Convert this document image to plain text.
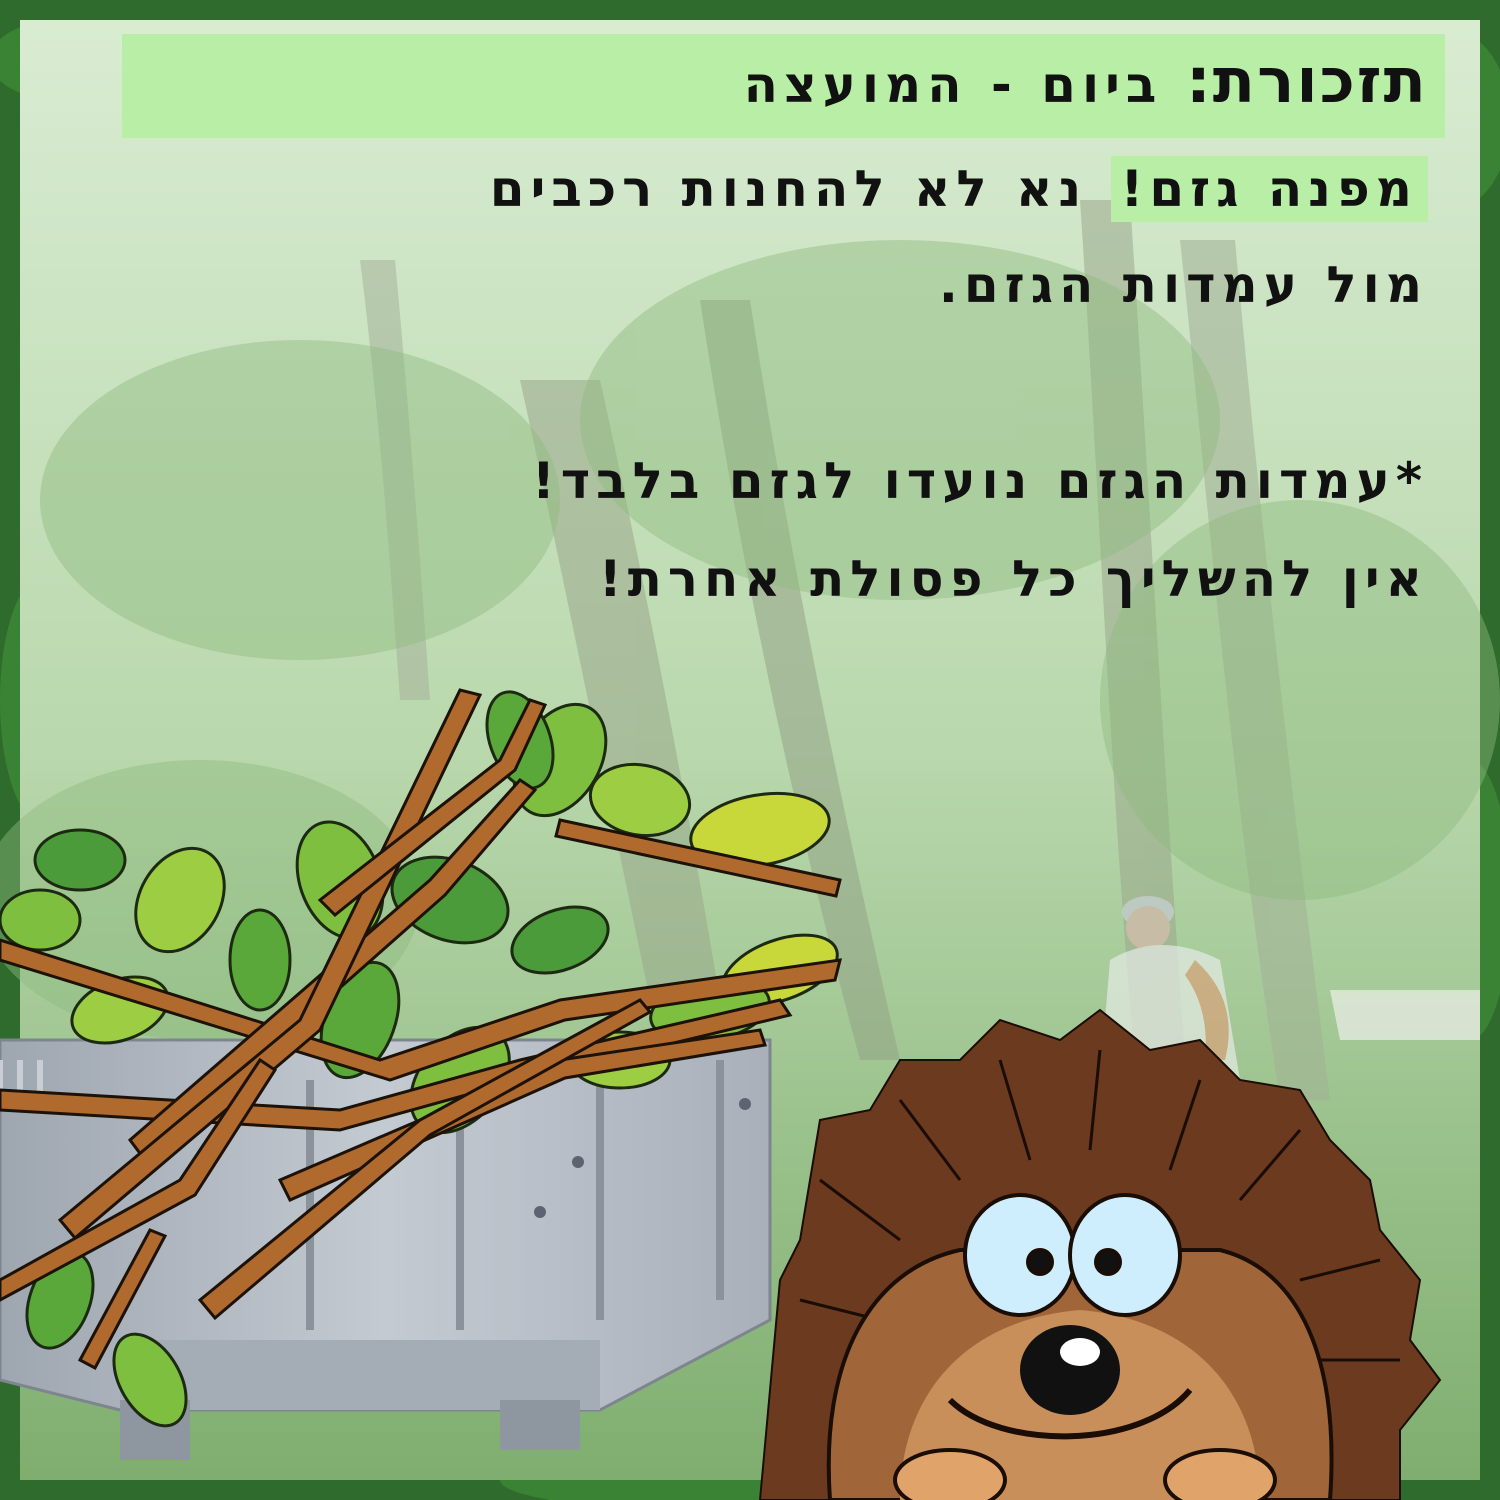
תזכורת: ביום - המועצה
מפנה גזם! נא לא להחנות רכבים
מול עמדות הגזם.
*עמדות הגזם נועדו לגזם בלבד!
אין להשליך כל פסולת אחרת!
